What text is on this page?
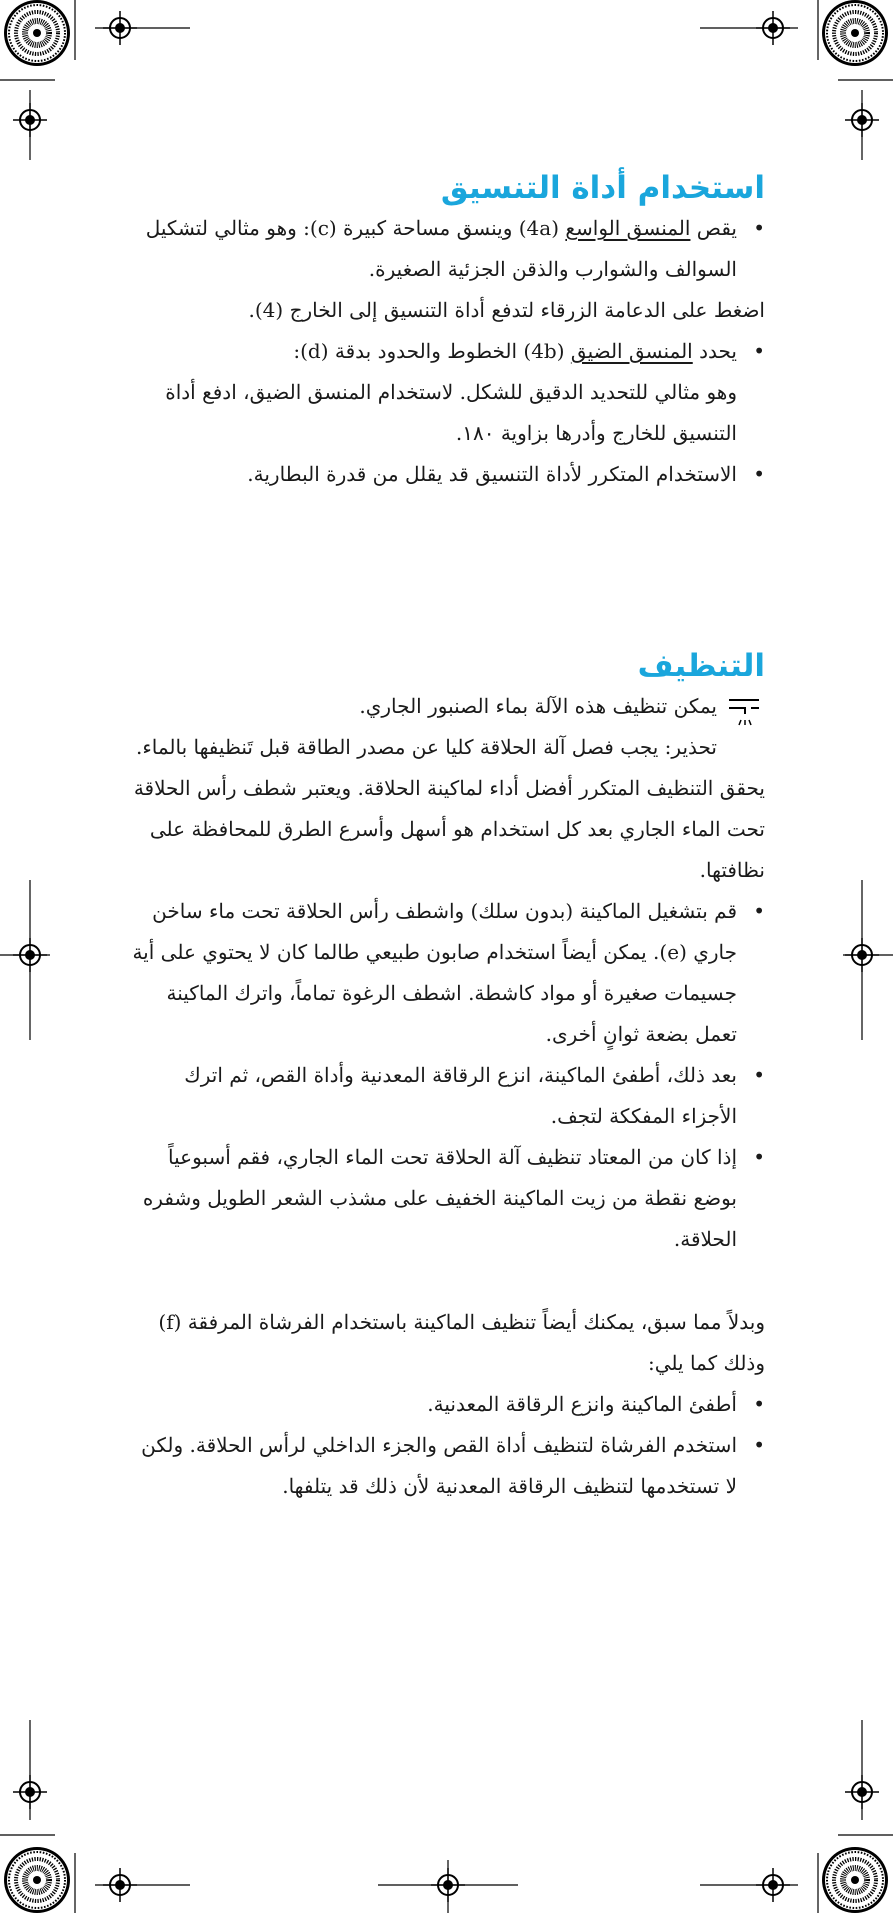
استخدام أداة التنسيق
• يقص المنسق الواسع (4a) وينسق مساحة كبيرة (c): وهو مثالي لتشكيل السوالف والشوارب والذقن الجزئية الصغيرة.
اضغط على الدعامة الزرقاء لتدفع أداة التنسيق إلى الخارج (4).
• يحدد المنسق الضيق (4b) الخطوط والحدود بدقة (d):
وهو مثالي للتحديد الدقيق للشكل. لاستخدام المنسق الضيق، ادفع أداة التنسيق للخارج وأدرها بزاوية ١٨٠.
• الاستخدام المتكرر لأداة التنسيق قد يقلل من قدرة البطارية.
التنظيف

يمكن تنظيف هذه الآلة بماء الصنبور الجاري.

تحذير: يجب فصل آلة الحلاقة كليا عن مصدر الطاقة قبل تَنظيفها بالماء.

يحقق التنظيف المتكرر أفضل أداء لماكينة الحلاقة. ويعتبر شطف رأس الحلاقة تحت الماء الجاري بعد كل استخدام هو أسهل وأسرع الطرق للمحافظة على نظافتها.

• قم بتشغيل الماكينة (بدون سلك) واشطف رأس الحلاقة تحت ماء ساخن جاري (e). يمكن أيضاً استخدام صابون طبيعي طالما كان لا يحتوي على أية جسيمات صغيرة أو مواد كاشطة. اشطف الرغوة تماماً، واترك الماكينة تعمل بضعة ثوانٍ أخرى.
• بعد ذلك، أطفئ الماكينة، انزع الرقاقة المعدنية وأداة القص، ثم اترك الأجزاء المفككة لتجف.
• إذا كان من المعتاد تنظيف آلة الحلاقة تحت الماء الجاري، فقم أسبوعياً بوضع نقطة من زيت الماكينة الخفيف على مشذب الشعر الطويل وشفره الحلاقة.

وبدلاً مما سبق، يمكنك أيضاً تنظيف الماكينة باستخدام الفرشاة المرفقة (f) وذلك كما يلي:

• أطفئ الماكينة وانزع الرقاقة المعدنية.
• استخدم الفرشاة لتنظيف أداة القص والجزء الداخلي لرأس الحلاقة. ولكن لا تستخدمها لتنظيف الرقاقة المعدنية لأن ذلك قد يتلفها.
